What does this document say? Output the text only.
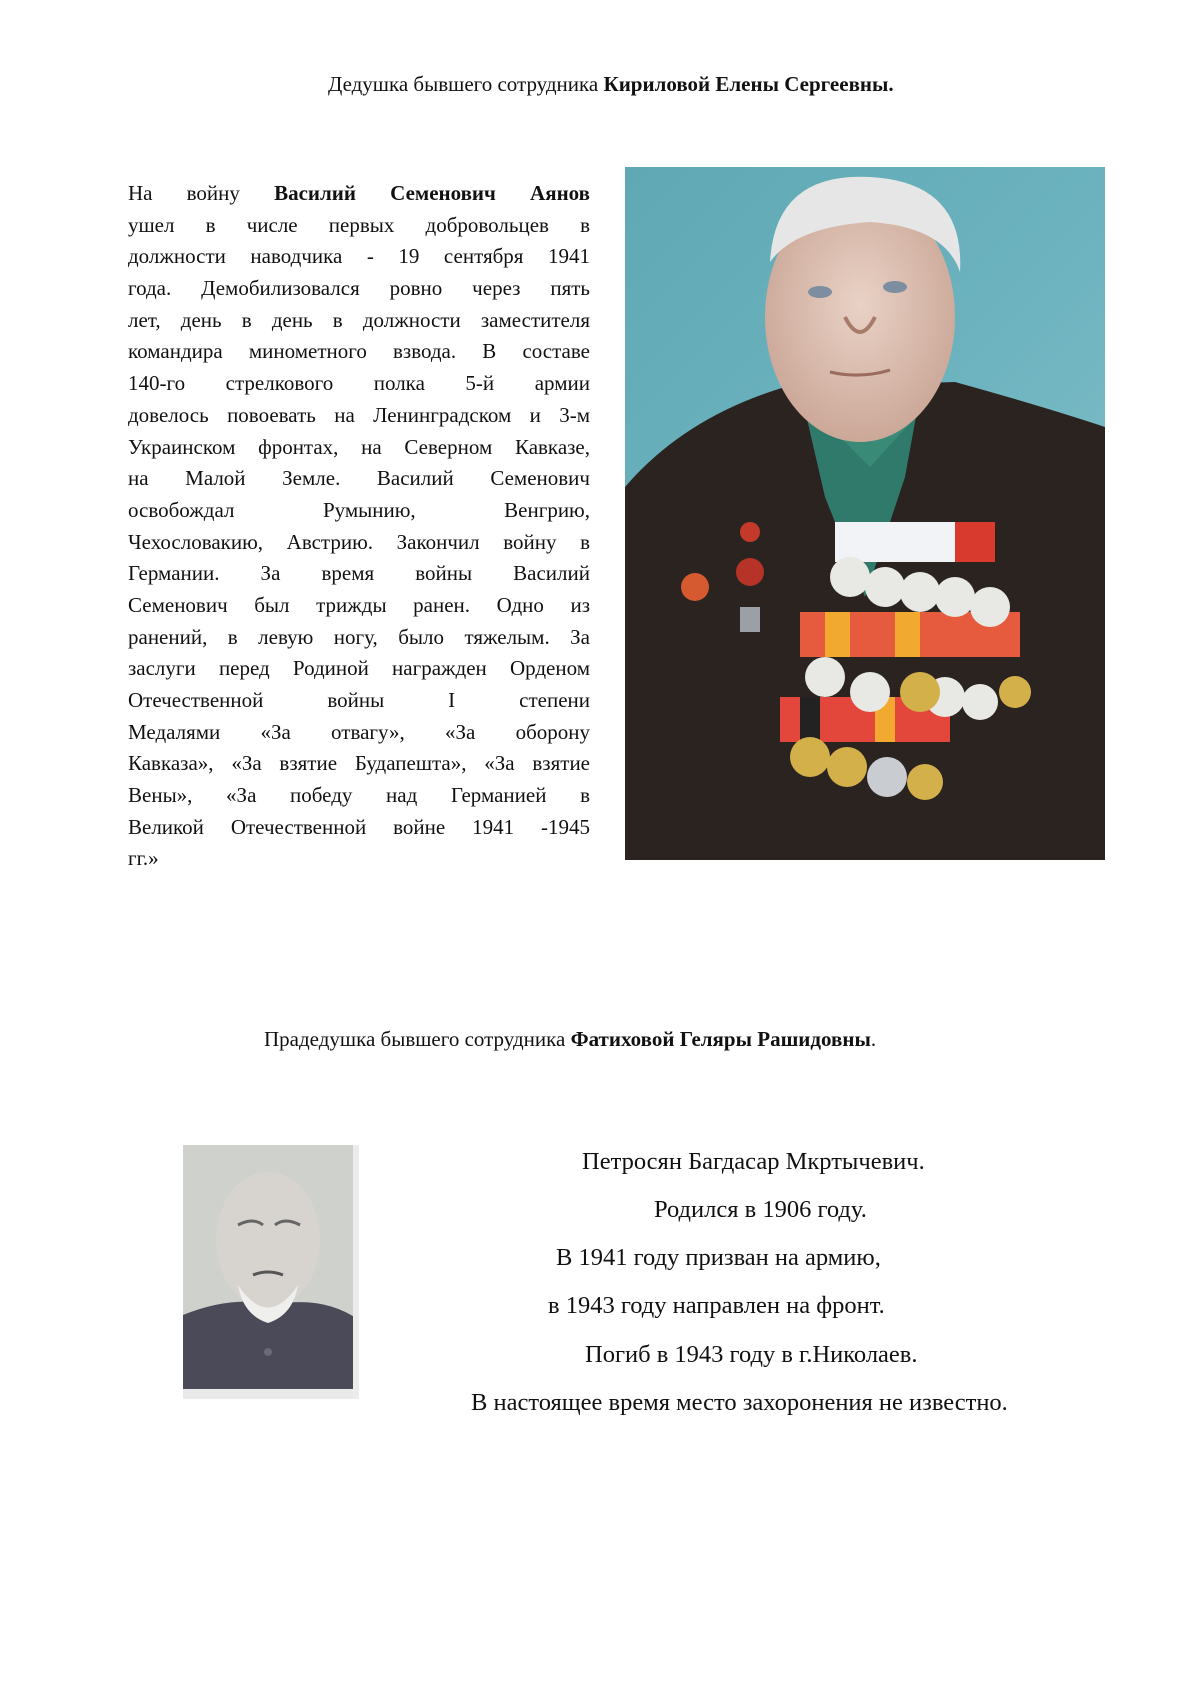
Дедушка бывшего сотрудника Кириловой Елены Сергеевны.
На войну Василий Семенович Аянов
ушел в числе первых добровольцев в
должности наводчика - 19 сентября 1941
года. Демобилизовался ровно через пять
лет, день в день в должности заместителя
командира минометного взвода. В составе
140-го стрелкового полка 5-й армии
довелось повоевать на Ленинградском и 3-м
Украинском фронтах, на Северном Кавказе,
на Малой Земле. Василий Семенович
освобождал Румынию, Венгрию,
Чехословакию, Австрию. Закончил войну в
Германии. За время войны Василий
Семенович был трижды ранен. Одно из
ранений, в левую ногу, было тяжелым. За
заслуги перед Родиной награжден Орденом
Отечественной войны I степени
Медалями «За отвагу», «За оборону
Кавказа», «За взятие Будапешта», «За взятие
Вены», «За победу над Германией в
Великой Отечественной войне 1941 -1945
гг.»
Прадедушка бывшего сотрудника Фатиховой Геляры Рашидовны.
Петросян Багдасар Мкртычевич.
Родился в 1906 году.
В 1941 году призван на армию,
в 1943 году направлен на фронт.
Погиб в 1943 году в г.Николаев.
В настоящее время место захоронения не известно.
